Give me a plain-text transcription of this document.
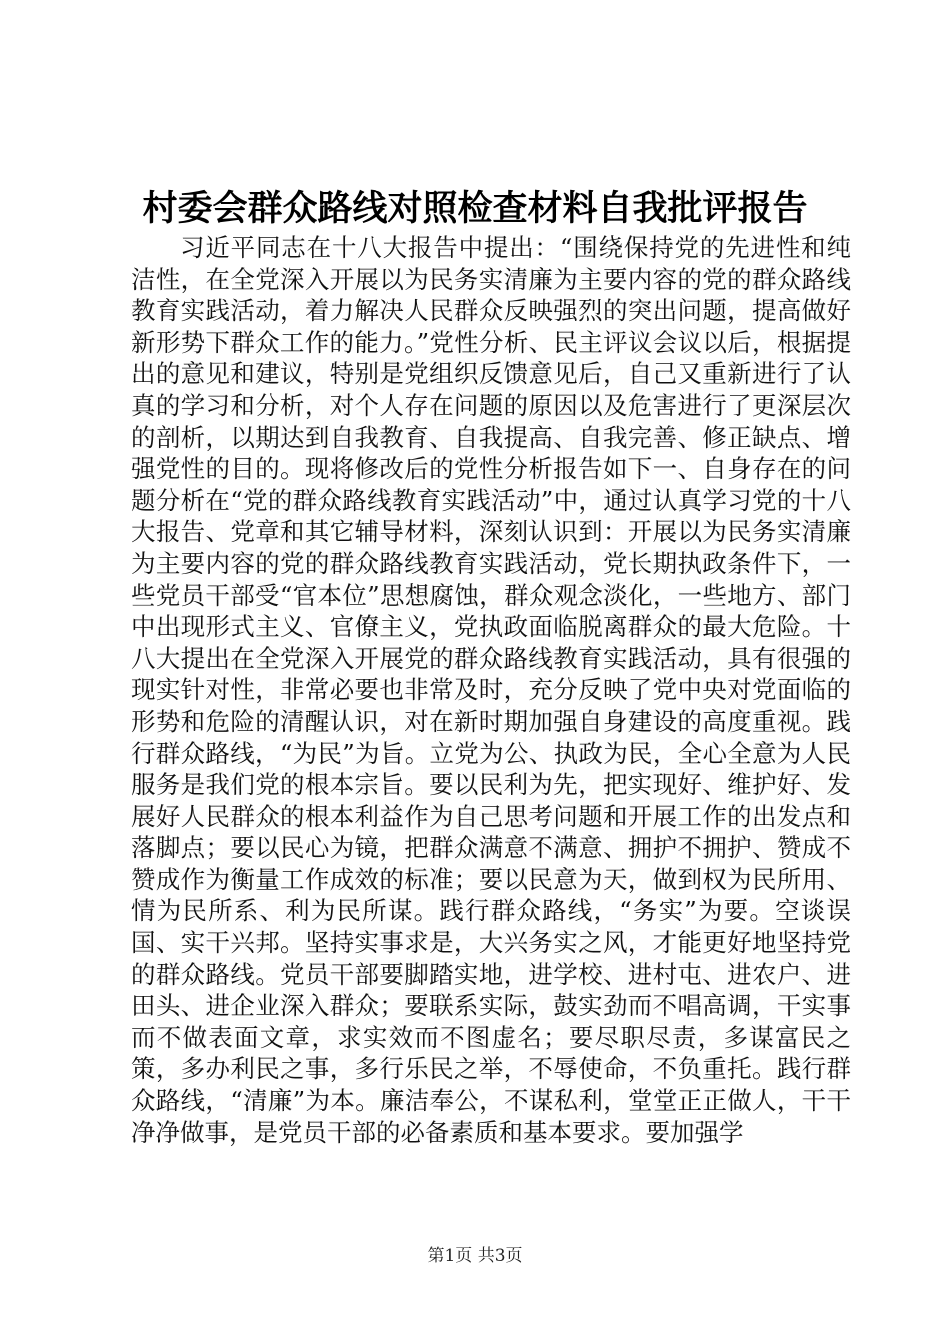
村委会群众路线对照检查材料自我批评报告

习近平同志在十八大报告中提出：“围绕保持党的先进性和纯洁性，在全党深入开展以为民务实清廉为主要内容的党的群众路线教育实践活动，着力解决人民群众反映强烈的突出问题，提高做好新形势下群众工作的能力。”党性分析、民主评议会议以后，根据提出的意见和建议，特别是党组织反馈意见后，自己又重新进行了认真的学习和分析，对个人存在问题的原因以及危害进行了更深层次的剖析，以期达到自我教育、自我提高、自我完善、修正缺点、增强党性的目的。现将修改后的党性分析报告如下一、自身存在的问题分析在“党的群众路线教育实践活动”中，通过认真学习党的十八大报告、党章和其它辅导材料，深刻认识到：开展以为民务实清廉为主要内容的党的群众路线教育实践活动，党长期执政条件下，一些党员干部受“官本位”思想腐蚀，群众观念淡化，一些地方、部门中出现形式主义、官僚主义，党执政面临脱离群众的最大危险。十八大提出在全党深入开展党的群众路线教育实践活动，具有很强的现实针对性，非常必要也非常及时，充分反映了党中央对党面临的形势和危险的清醒认识，对在新时期加强自身建设的高度重视。践行群众路线，“为民”为旨。立党为公、执政为民，全心全意为人民服务是我们党的根本宗旨。要以民利为先，把实现好、维护好、发展好人民群众的根本利益作为自己思考问题和开展工作的出发点和落脚点；要以民心为镜，把群众满意不满意、拥护不拥护、赞成不赞成作为衡量工作成效的标准；要以民意为天，做到权为民所用、情为民所系、利为民所谋。践行群众路线，“务实”为要。空谈误国、实干兴邦。坚持实事求是，大兴务实之风，才能更好地坚持党的群众路线。党员干部要脚踏实地，进学校、进村屯、进农户、进田头、进企业深入群众；要联系实际，鼓实劲而不唱高调，干实事而不做表面文章，求实效而不图虚名；要尽职尽责，多谋富民之策，多办利民之事，多行乐民之举，不辱使命，不负重托。践行群众路线，“清廉”为本。廉洁奉公，不谋私利，堂堂正正做人，干干净净做事，是党员干部的必备素质和基本要求。要加强学

第1页 共3页
